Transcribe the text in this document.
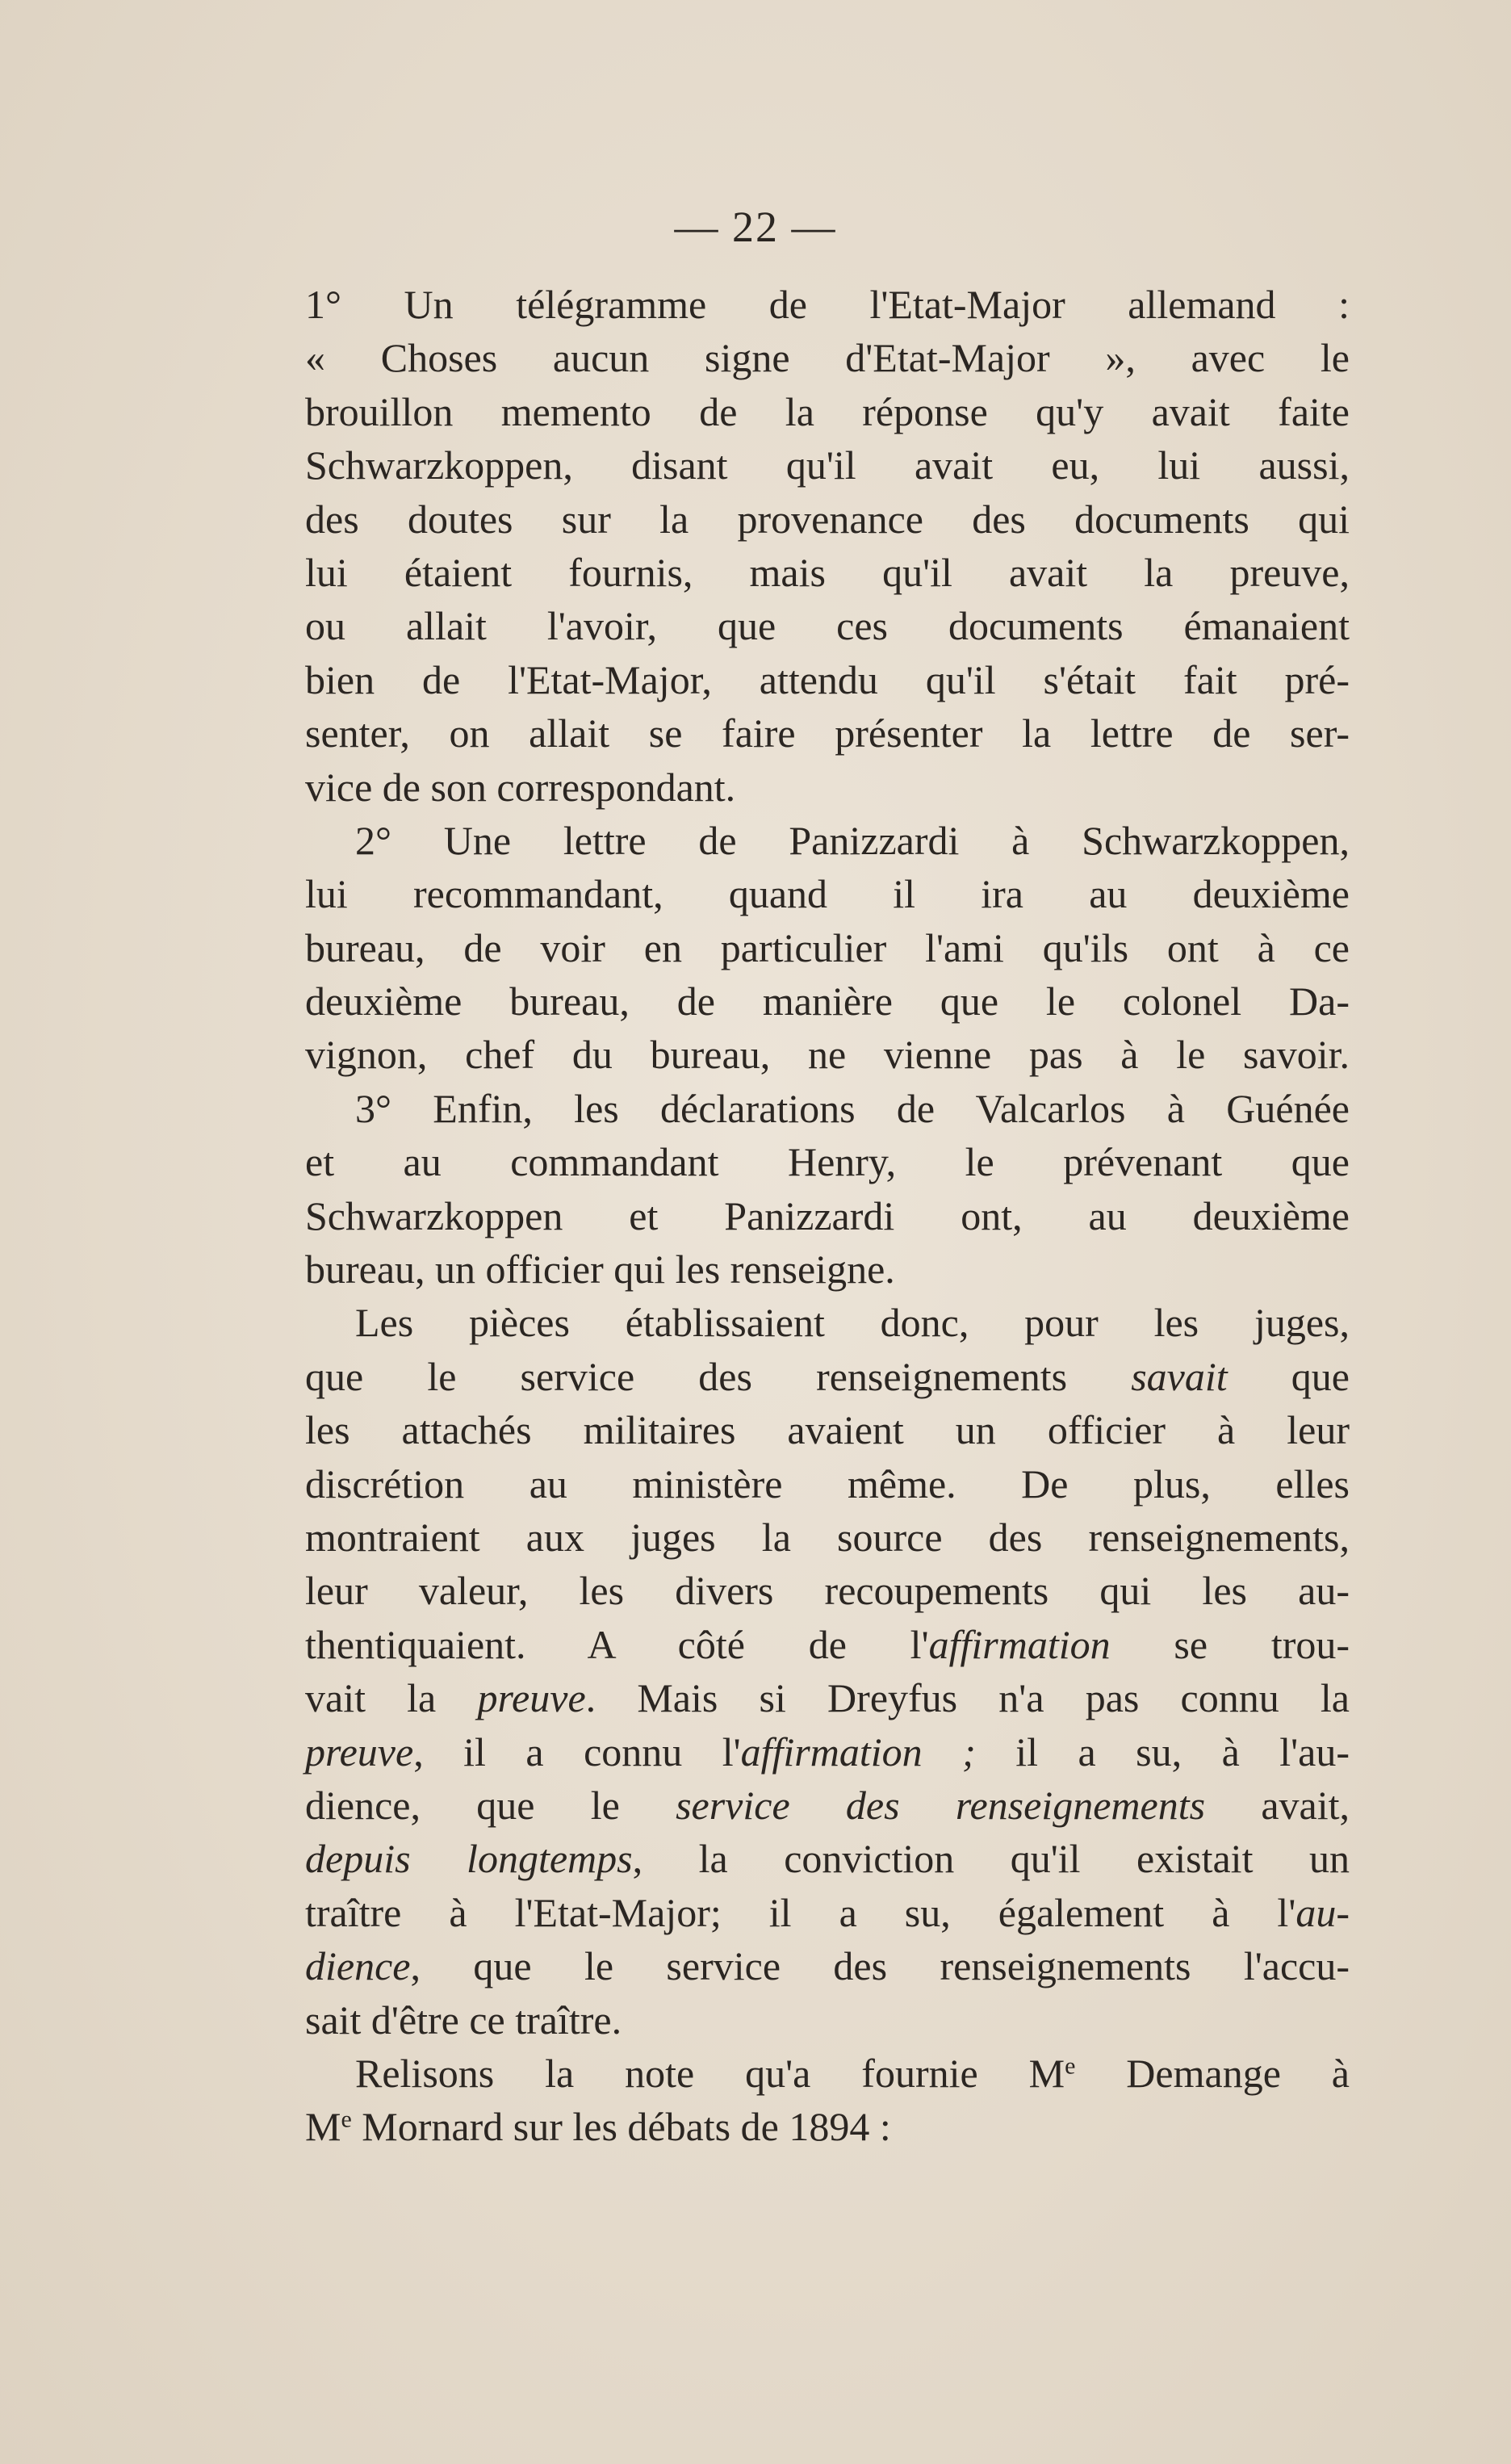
— 22 —
1° Un télégramme de l'Etat-Major allemand :
« Choses aucun signe d'Etat-Major », avec le
brouillon memento de la réponse qu'y avait faite
Schwarzkoppen, disant qu'il avait eu, lui aussi,
des doutes sur la provenance des documents qui
lui étaient fournis, mais qu'il avait la preuve,
ou allait l'avoir, que ces documents émanaient
bien de l'Etat-Major, attendu qu'il s'était fait pré-
senter, on allait se faire présenter la lettre de ser-
vice de son correspondant.
2° Une lettre de Panizzardi à Schwarzkoppen,
lui recommandant, quand il ira au deuxième
bureau, de voir en particulier l'ami qu'ils ont à ce
deuxième bureau, de manière que le colonel Da-
vignon, chef du bureau, ne vienne pas à le savoir.
3° Enfin, les déclarations de Valcarlos à Guénée
et au commandant Henry, le prévenant que
Schwarzkoppen et Panizzardi ont, au deuxième
bureau, un officier qui les renseigne.
Les pièces établissaient donc, pour les juges,
que le service des renseignements savait que
les attachés militaires avaient un officier à leur
discrétion au ministère même. De plus, elles
montraient aux juges la source des renseignements,
leur valeur, les divers recoupements qui les au-
thentiquaient. A côté de l'affirmation se trou-
vait la preuve. Mais si Dreyfus n'a pas connu la
preuve, il a connu l'affirmation ; il a su, à l'au-
dience, que le service des renseignements avait,
depuis longtemps, la conviction qu'il existait un
traître à l'Etat-Major; il a su, également à l'au-
dience, que le service des renseignements l'accu-
sait d'être ce traître.
Relisons la note qu'a fournie Me Demange à
Me Mornard sur les débats de 1894 :
